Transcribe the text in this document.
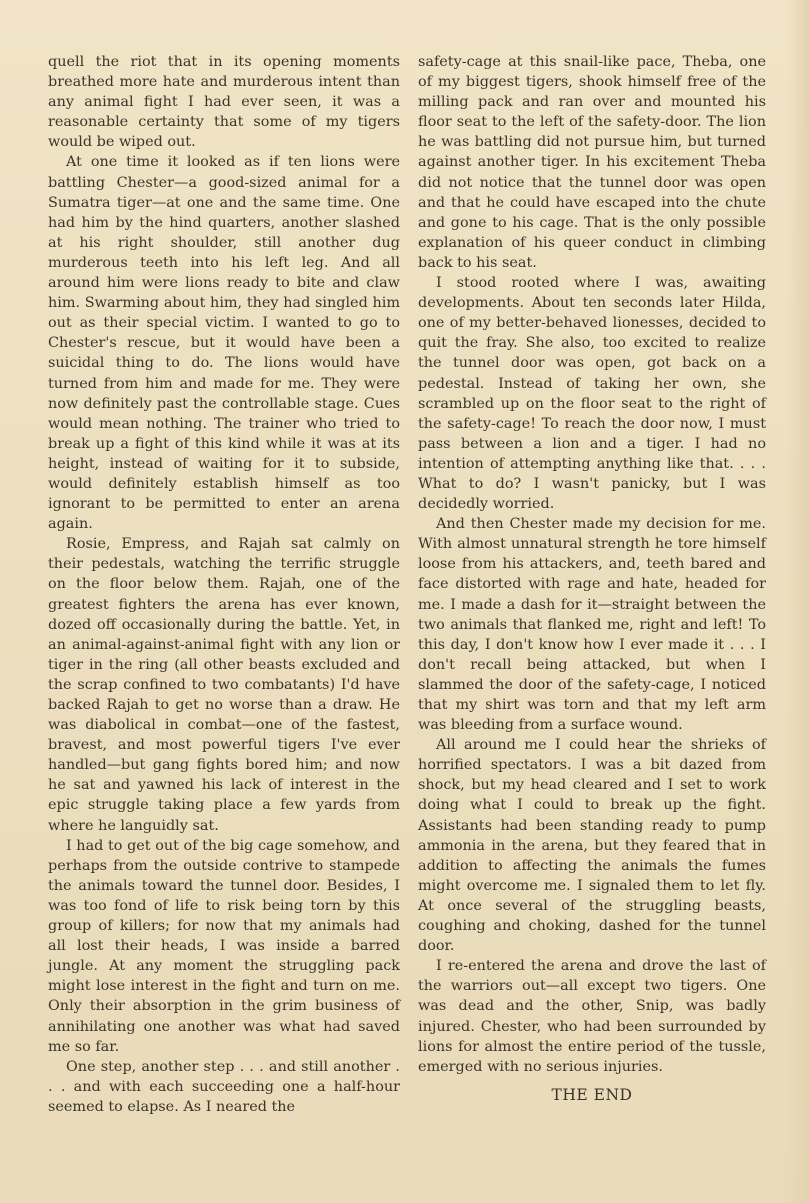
quell the riot that in its opening moments breathed more hate and murderous intent than any animal fight I had ever seen, it was a reasonable certainty that some of my tigers would be wiped out.

At one time it looked as if ten lions were battling Chester—a good-sized animal for a Sumatra tiger—at one and the same time. One had him by the hind quarters, another slashed at his right shoulder, still another dug murderous teeth into his left leg. And all around him were lions ready to bite and claw him. Swarming about him, they had singled him out as their special victim. I wanted to go to Chester's rescue, but it would have been a suicidal thing to do. The lions would have turned from him and made for me. They were now definitely past the controllable stage. Cues would mean nothing. The trainer who tried to break up a fight of this kind while it was at its height, instead of waiting for it to subside, would definitely establish himself as too ignorant to be permitted to enter an arena again.

Rosie, Empress, and Rajah sat calmly on their pedestals, watching the terrific struggle on the floor below them. Rajah, one of the greatest fighters the arena has ever known, dozed off occasionally during the battle. Yet, in an animal-against-animal fight with any lion or tiger in the ring (all other beasts excluded and the scrap confined to two combatants) I'd have backed Rajah to get no worse than a draw. He was diabolical in combat—one of the fastest, bravest, and most powerful tigers I've ever handled—but gang fights bored him; and now he sat and yawned his lack of interest in the epic struggle taking place a few yards from where he languidly sat.

I had to get out of the big cage somehow, and perhaps from the outside contrive to stampede the animals toward the tunnel door. Besides, I was too fond of life to risk being torn by this group of killers; for now that my animals had all lost their heads, I was inside a barred jungle. At any moment the struggling pack might lose interest in the fight and turn on me. Only their absorption in the grim business of annihilating one another was what had saved me so far.

One step, another step . . . and still another . . . and with each succeeding one a half-hour seemed to elapse. As I neared the

safety-cage at this snail-like pace, Theba, one of my biggest tigers, shook himself free of the milling pack and ran over and mounted his floor seat to the left of the safety-door. The lion he was battling did not pursue him, but turned against another tiger. In his excitement Theba did not notice that the tunnel door was open and that he could have escaped into the chute and gone to his cage. That is the only possible explanation of his queer conduct in climbing back to his seat.

I stood rooted where I was, awaiting developments. About ten seconds later Hilda, one of my better-behaved lionesses, decided to quit the fray. She also, too excited to realize the tunnel door was open, got back on a pedestal. Instead of taking her own, she scrambled up on the floor seat to the right of the safety-cage! To reach the door now, I must pass between a lion and a tiger. I had no intention of attempting anything like that. . . . What to do? I wasn't panicky, but I was decidedly worried.

And then Chester made my decision for me. With almost unnatural strength he tore himself loose from his attackers, and, teeth bared and face distorted with rage and hate, headed for me. I made a dash for it—straight between the two animals that flanked me, right and left! To this day, I don't know how I ever made it . . . I don't recall being attacked, but when I slammed the door of the safety-cage, I noticed that my shirt was torn and that my left arm was bleeding from a surface wound.

All around me I could hear the shrieks of horrified spectators. I was a bit dazed from shock, but my head cleared and I set to work doing what I could to break up the fight. Assistants had been standing ready to pump ammonia in the arena, but they feared that in addition to affecting the animals the fumes might overcome me. I signaled them to let fly. At once several of the struggling beasts, coughing and choking, dashed for the tunnel door.

I re-entered the arena and drove the last of the warriors out—all except two tigers. One was dead and the other, Snip, was badly injured. Chester, who had been surrounded by lions for almost the entire period of the tussle, emerged with no serious injuries.

THE END
